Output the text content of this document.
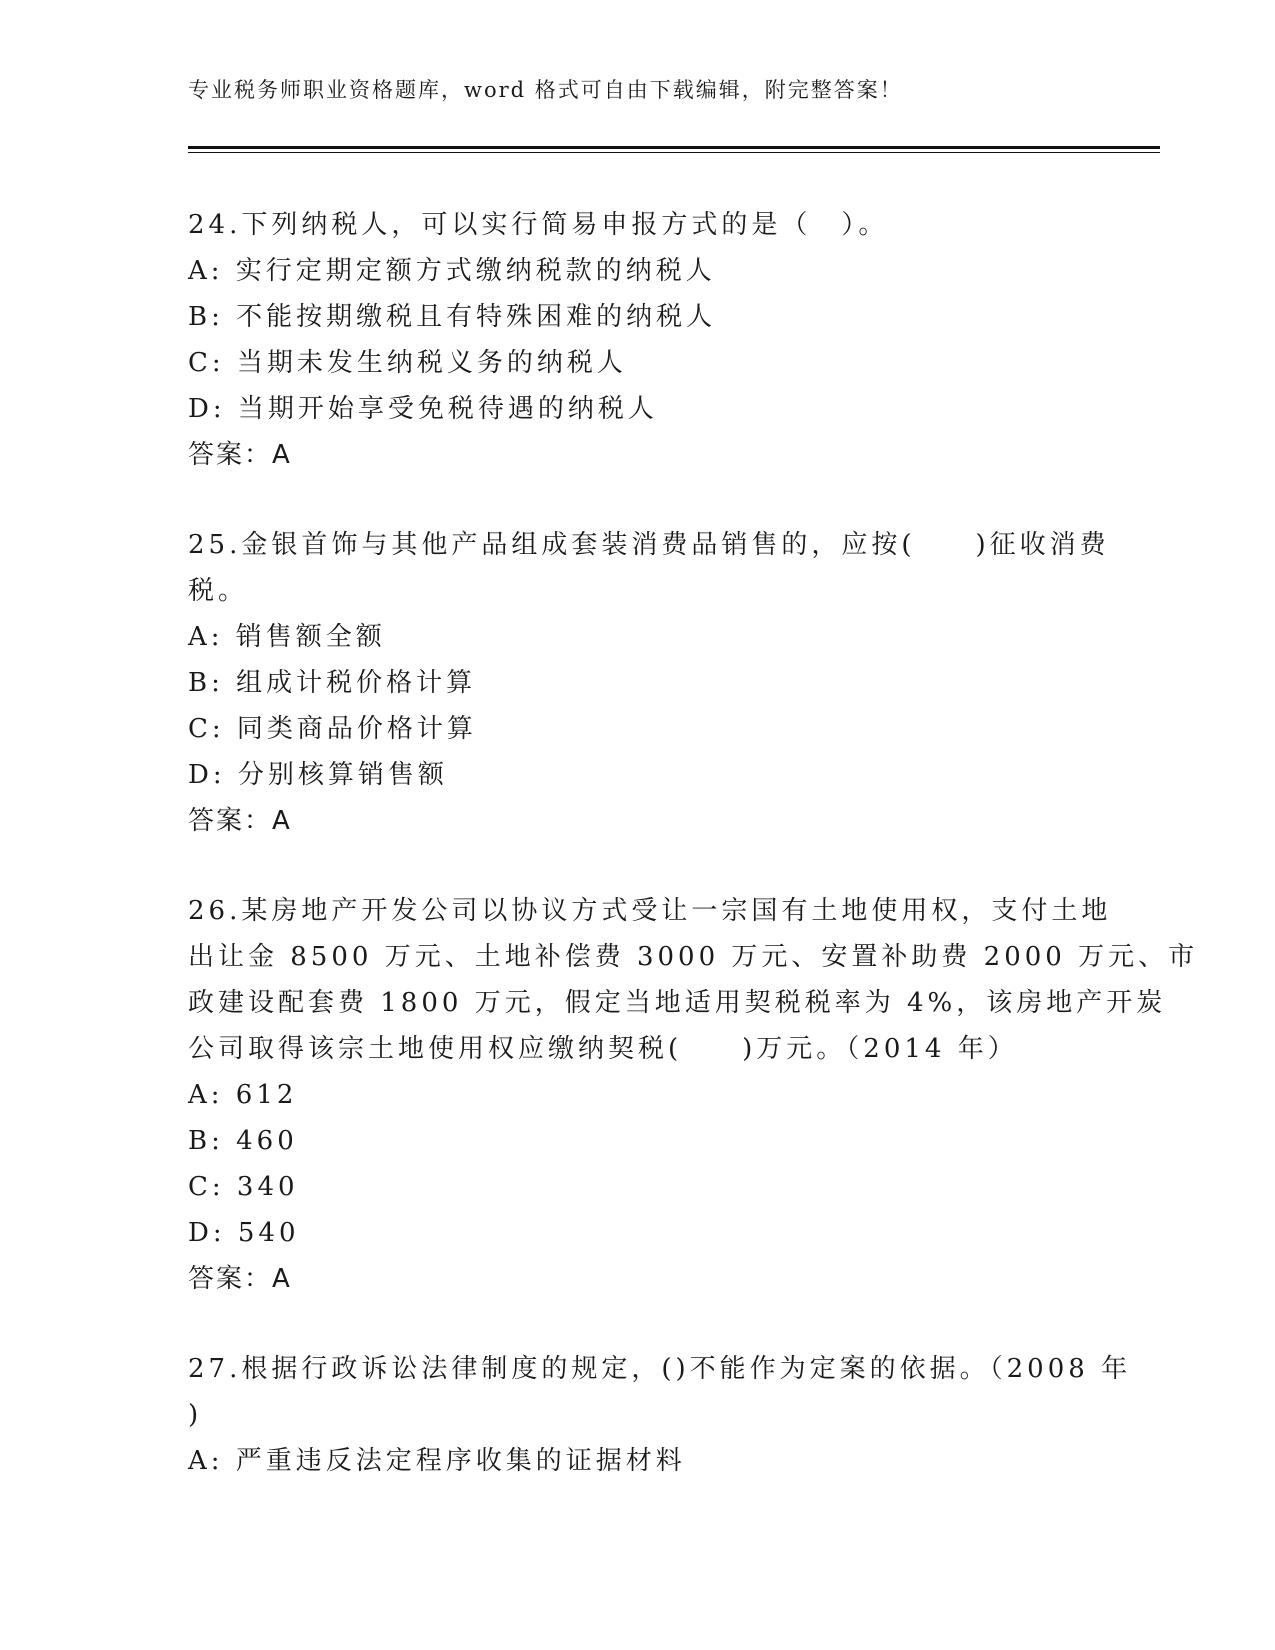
专业税务师职业资格题库，word 格式可自由下载编辑，附完整答案！
24.下列纳税人，可以实行简易申报方式的是（　）。
A: 实行定期定额方式缴纳税款的纳税人
B: 不能按期缴税且有特殊困难的纳税人
C: 当期未发生纳税义务的纳税人
D: 当期开始享受免税待遇的纳税人
答案：A
25.金银首饰与其他产品组成套装消费品销售的，应按(　　)征收消费
税。
A: 销售额全额
B: 组成计税价格计算
C: 同类商品价格计算
D: 分别核算销售额
答案：A
26.某房地产开发公司以协议方式受让一宗国有土地使用权，支付土地
出让金 8500 万元、土地补偿费 3000 万元、安置补助费 2000 万元、市
政建设配套费 1800 万元，假定当地适用契税税率为 4%，该房地产开炭
公司取得该宗土地使用权应缴纳契税(　　)万元。（2014 年）
A: 612
B: 460
C: 340
D: 540
答案：A
27.根据行政诉讼法律制度的规定，()不能作为定案的依据。（2008 年
)
A: 严重违反法定程序收集的证据材料
